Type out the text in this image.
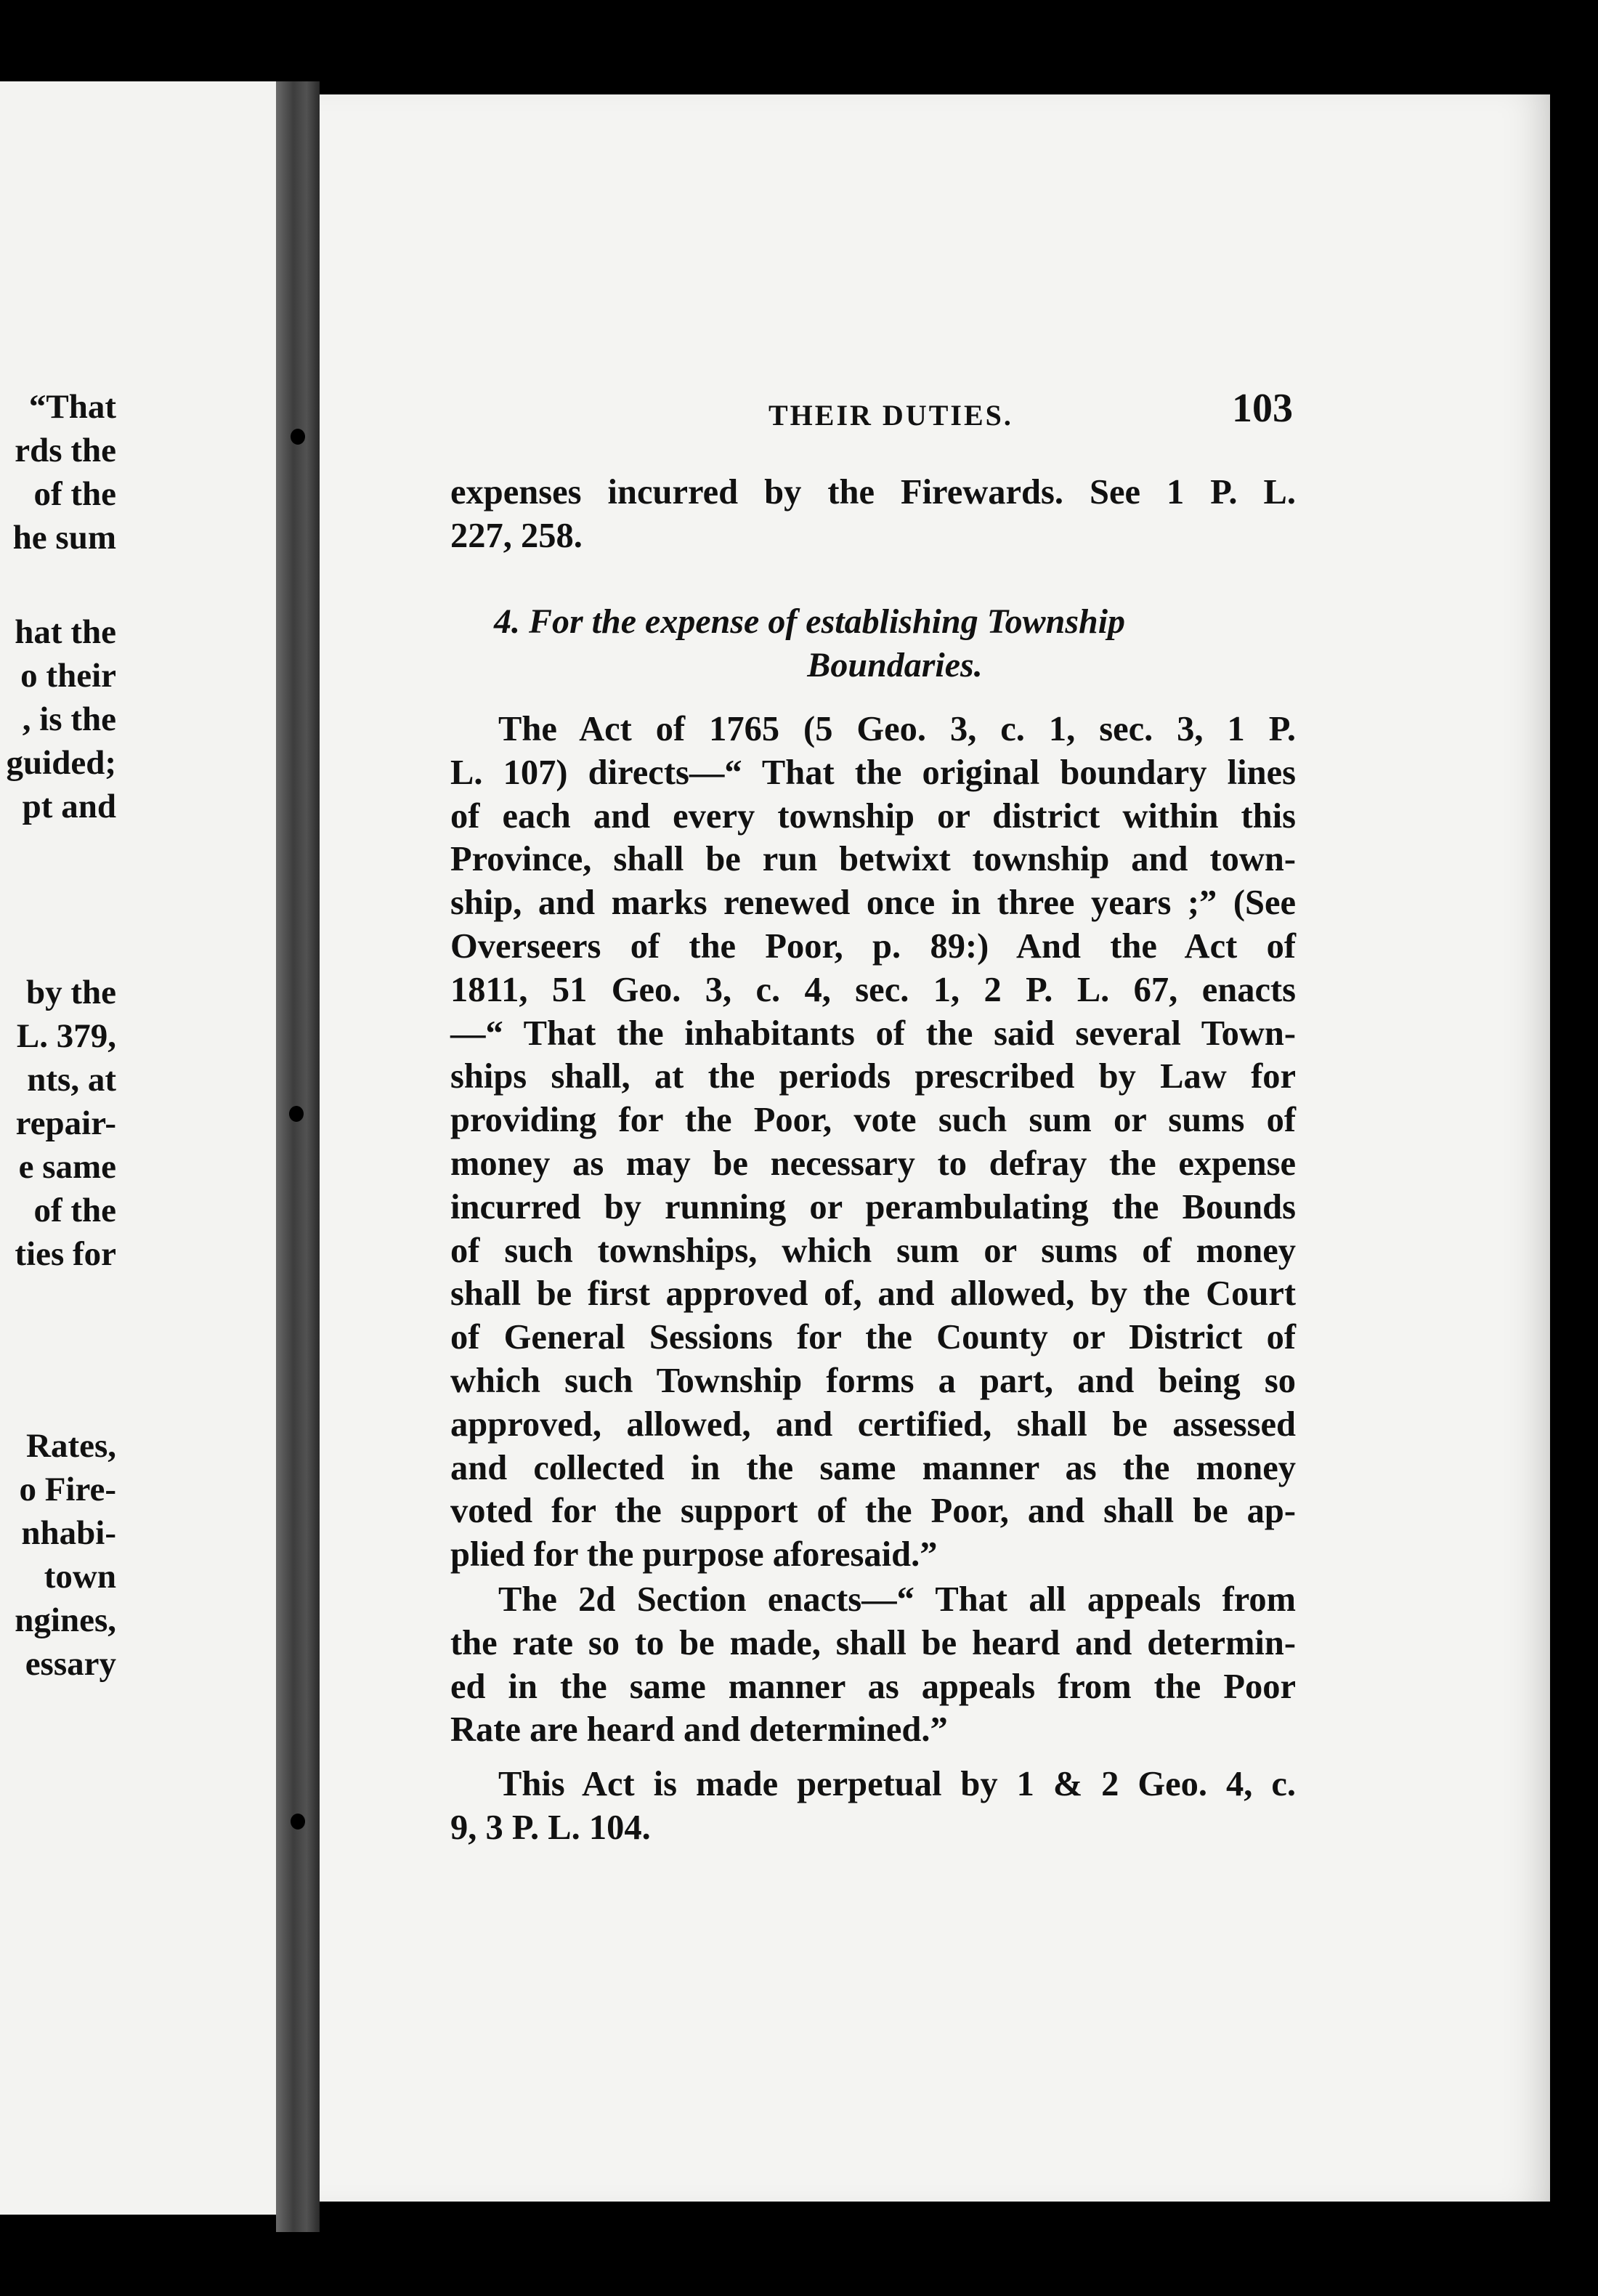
“That
rds the
of the
he sum
hat the
o their
, is the
guided;
pt and
by the
L. 379,
nts, at
repair-
e same
of the
ties for
Rates,
o Fire-
nhabi-
town
ngines,
essary
THEIR DUTIES.	103
expenses incurred by the Firewards. See 1 P. L.
227, 258.
4. For the expense of establishing Township
Boundaries.
The Act of 1765 (5 Geo. 3, c. 1, sec. 3, 1 P.
L. 107) directs—“ That the original boundary lines
of each and every township or district within this
Province, shall be run betwixt township and town-
ship, and marks renewed once in three years ;” (See
Overseers of the Poor, p. 89:) And the Act of
1811, 51 Geo. 3, c. 4, sec. 1, 2 P. L. 67, enacts
—“ That the inhabitants of the said several Town-
ships shall, at the periods prescribed by Law for
providing for the Poor, vote such sum or sums of
money as may be necessary to defray the expense
incurred by running or perambulating the Bounds
of such townships, which sum or sums of money
shall be first approved of, and allowed, by the Court
of General Sessions for the County or District of
which such Township forms a part, and being so
approved, allowed, and certified, shall be assessed
and collected in the same manner as the money
voted for the support of the Poor, and shall be ap-
plied for the purpose aforesaid.”
The 2d Section enacts—“ That all appeals from
the rate so to be made, shall be heard and determin-
ed in the same manner as appeals from the Poor
Rate are heard and determined.”
This Act is made perpetual by 1 & 2 Geo. 4, c.
9, 3 P. L. 104.
